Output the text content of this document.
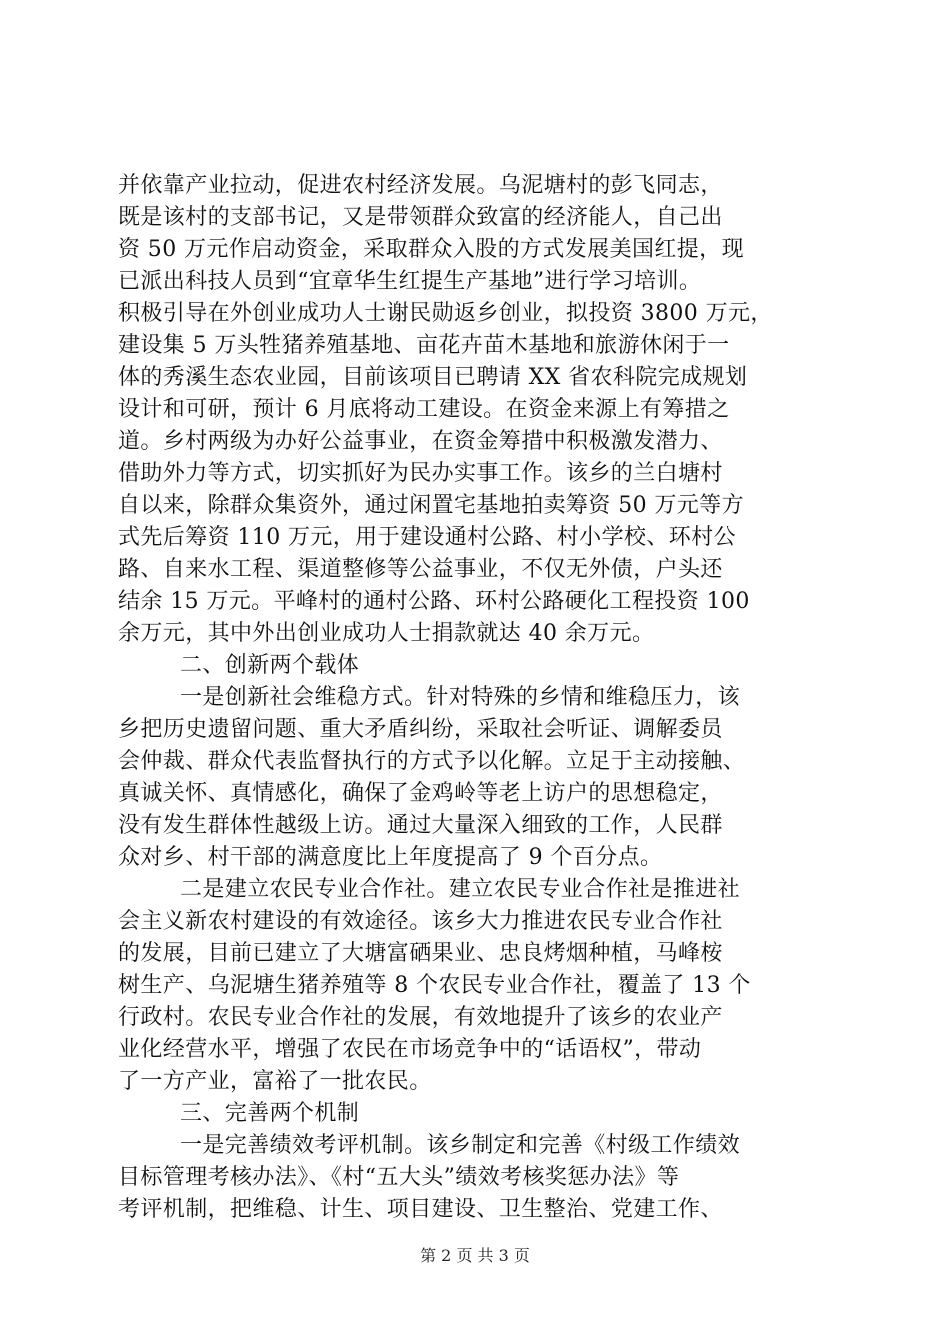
并依靠产业拉动，促进农村经济发展。乌泥塘村的彭飞同志，
既是该村的支部书记，又是带领群众致富的经济能人，自己出
资 50 万元作启动资金，采取群众入股的方式发展美国红提，现
已派出科技人员到“宜章华生红提生产基地”进行学习培训。
积极引导在外创业成功人士谢民勋返乡创业，拟投资 3800 万元，
建设集 5 万头牲猪养殖基地、亩花卉苗木基地和旅游休闲于一
体的秀溪生态农业园，目前该项目已聘请 XX 省农科院完成规划
设计和可研，预计 6 月底将动工建设。在资金来源上有筹措之
道。乡村两级为办好公益事业，在资金筹措中积极激发潜力、
借助外力等方式，切实抓好为民办实事工作。该乡的兰白塘村
自以来，除群众集资外，通过闲置宅基地拍卖筹资 50 万元等方
式先后筹资 110 万元，用于建设通村公路、村小学校、环村公
路、自来水工程、渠道整修等公益事业，不仅无外债，户头还
结余 15 万元。平峰村的通村公路、环村公路硬化工程投资 100
余万元，其中外出创业成功人士捐款就达 40 余万元。
二、创新两个载体
一是创新社会维稳方式。针对特殊的乡情和维稳压力，该
乡把历史遗留问题、重大矛盾纠纷，采取社会听证、调解委员
会仲裁、群众代表监督执行的方式予以化解。立足于主动接触、
真诚关怀、真情感化，确保了金鸡岭等老上访户的思想稳定，
没有发生群体性越级上访。通过大量深入细致的工作，人民群
众对乡、村干部的满意度比上年度提高了 9 个百分点。
二是建立农民专业合作社。建立农民专业合作社是推进社
会主义新农村建设的有效途径。该乡大力推进农民专业合作社
的发展，目前已建立了大塘富硒果业、忠良烤烟种植，马峰桉
树生产、乌泥塘生猪养殖等 8 个农民专业合作社，覆盖了 13 个
行政村。农民专业合作社的发展，有效地提升了该乡的农业产
业化经营水平，增强了农民在市场竞争中的“话语权”，带动
了一方产业，富裕了一批农民。
三、完善两个机制
一是完善绩效考评机制。该乡制定和完善《村级工作绩效
目标管理考核办法》、《村“五大头”绩效考核奖惩办法》等
考评机制，把维稳、计生、项目建设、卫生整治、党建工作、
第 2 页 共 3 页
